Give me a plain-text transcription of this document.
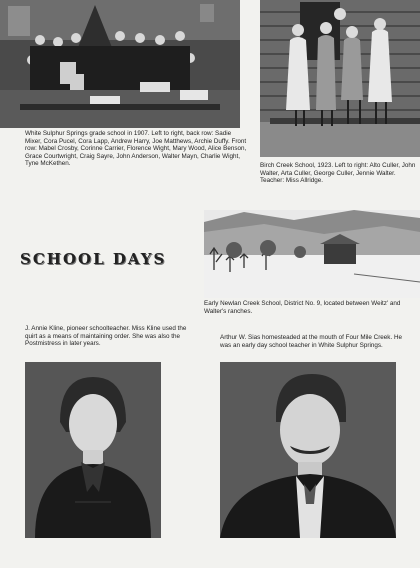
White Sulphur Springs grade school in 1907. Left to right, back row: Sadie Mixer, Cora Pucel, Cora Lapp, Andrew Harry, Joe Matthews, Archie Duffy. Front row: Mabel Crosby, Corinne Carrier, Florence Wight, Mary Wood, Alice Benson, Grace Courtwright, Craig Sayre, John Anderson, Walter Mayn, Charlie Wight, Tyne McKethen.	Birch Creek School, 1923. Left to right: Alto Culler, John Walter, Arta Culler, George Culler, Jennie Walter. Teacher: Miss Allridge.
SCHOOL DAYS
Early Newlan Creek School, District No. 9, located between Weitz' and Walter's ranches.
J. Annie Kline, pioneer schoolteacher. Miss Kline used the quirt as a means of maintaining order. She was also the Postmistress in later years.
Arthur W. Sias homesteaded at the mouth of Four Mile Creek. He was an early day school teacher in White Sulphur Springs.
